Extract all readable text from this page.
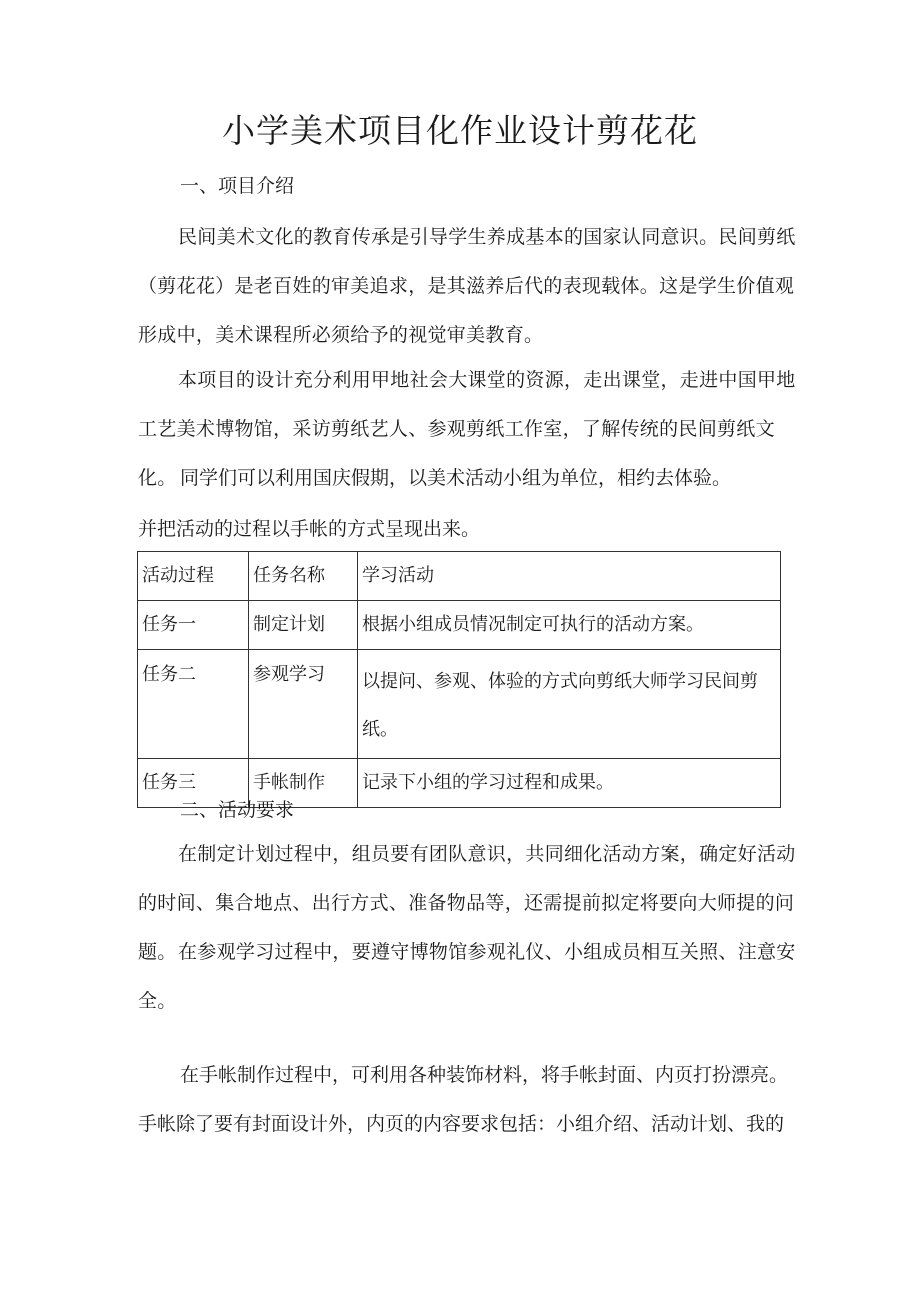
小学美术项目化作业设计剪花花
一、项目介绍
民间美术文化的教育传承是引导学生养成基本的国家认同意识。民间剪纸（剪花花）是老百姓的审美追求，是其滋养后代的表现载体。这是学生价值观形成中，美术课程所必须给予的视觉审美教育。
本项目的设计充分利用甲地社会大课堂的资源，走出课堂，走进中国甲地工艺美术博物馆，采访剪纸艺人、参观剪纸工作室，了解传统的民间剪纸文化。 同学们可以利用国庆假期，以美术活动小组为单位，相约去体验。
并把活动的过程以手帐的方式呈现出来。
活动过程	任务名称	学习活动
任务一	制定计划	根据小组成员情况制定可执行的活动方案。
任务二	参观学习	以提问、参观、体验的方式向剪纸大师学习民间剪纸。
任务三	手帐制作	记录下小组的学习过程和成果。
二、活动要求
在制定计划过程中，组员要有团队意识，共同细化活动方案，确定好活动的时间、集合地点、出行方式、准备物品等，还需提前拟定将要向大师提的问题。 在参观学习过程中，要遵守博物馆参观礼仪、小组成员相互关照、注意安全。
在手帐制作过程中，可利用各种装饰材料，将手帐封面、内页打扮漂亮。
手帐除了要有封面设计外，内页的内容要求包括：小组介绍、活动计划、我的
